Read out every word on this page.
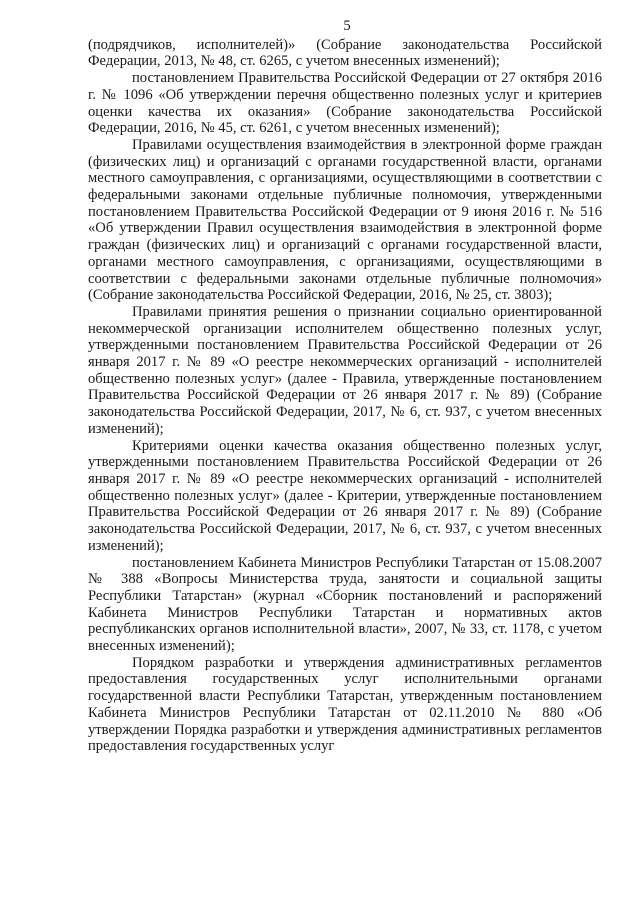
5

(подрядчиков, исполнителей)» (Собрание законодательства Российской Федерации, 2013, № 48, ст. 6265, с учетом внесенных изменений);

постановлением Правительства Российской Федерации от 27 октября 2016 г. № 1096 «Об утверждении перечня общественно полезных услуг и критериев оценки качества их оказания» (Собрание законодательства Российской Федерации, 2016, № 45, ст. 6261, с учетом внесенных изменений);

Правилами осуществления взаимодействия в электронной форме граждан (физических лиц) и организаций с органами государственной власти, органами местного самоуправления, с организациями, осуществляющими в соответствии с федеральными законами отдельные публичные полномочия, утвержденными постановлением Правительства Российской Федерации от 9 июня 2016 г. № 516 «Об утверждении Правил осуществления взаимодействия в электронной форме граждан (физических лиц) и организаций с органами государственной власти, органами местного самоуправления, с организациями, осуществляющими в соответствии с федеральными законами отдельные публичные полномочия» (Собрание законодательства Российской Федерации, 2016, № 25, ст. 3803);

Правилами принятия решения о признании социально ориентированной некоммерческой организации исполнителем общественно полезных услуг, утвержденными постановлением Правительства Российской Федерации от 26 января 2017 г. № 89 «О реестре некоммерческих организаций - исполнителей общественно полезных услуг» (далее - Правила, утвержденные постановлением Правительства Российской Федерации от 26 января 2017 г. № 89) (Собрание законодательства Российской Федерации, 2017, № 6, ст. 937, с учетом внесенных изменений);

Критериями оценки качества оказания общественно полезных услуг, утвержденными постановлением Правительства Российской Федерации от 26 января 2017 г. № 89 «О реестре некоммерческих организаций - исполнителей общественно полезных услуг» (далее - Критерии, утвержденные постановлением Правительства Российской Федерации от 26 января 2017 г. № 89) (Собрание законодательства Российской Федерации, 2017, № 6, ст. 937, с учетом внесенных изменений);

постановлением Кабинета Министров Республики Татарстан от 15.08.2007 № 388 «Вопросы Министерства труда, занятости и социальной защиты Республики Татарстан» (журнал «Сборник постановлений и распоряжений Кабинета Министров Республики Татарстан и нормативных актов республиканских органов исполнительной власти», 2007, № 33, ст. 1178, с учетом внесенных изменений);

Порядком разработки и утверждения административных регламентов предоставления государственных услуг исполнительными органами государственной власти Республики Татарстан, утвержденным постановлением Кабинета Министров Республики Татарстан от 02.11.2010 № 880 «Об утверждении Порядка разработки и утверждения административных регламентов предоставления государственных услуг
